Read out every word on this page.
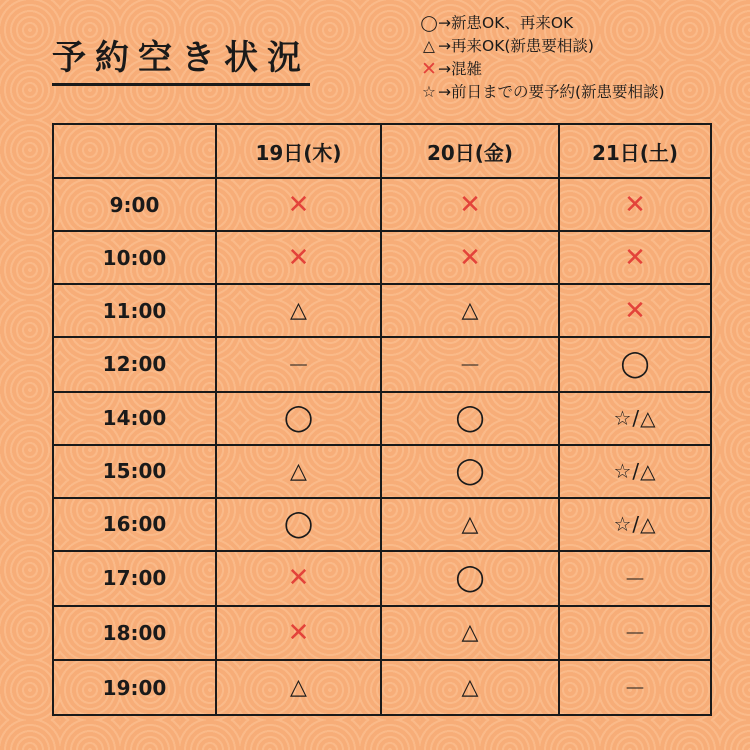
予約空き状況
◯ →新患OK、再来OK
△ →再来OK(新患要相談)
✕ →混雑
☆ →前日までの要予約(新患要相談)
	19日(木)	20日(金)	21日(土)
9:00	✕	✕	✕
10:00	✕	✕	✕
11:00	△	△	✕
12:00	－	－	◯
14:00	◯	◯	☆/△
15:00	△	◯	☆/△
16:00	◯	△	☆/△
17:00	✕	◯	－
18:00	✕	△	－
19:00	△	△	－
